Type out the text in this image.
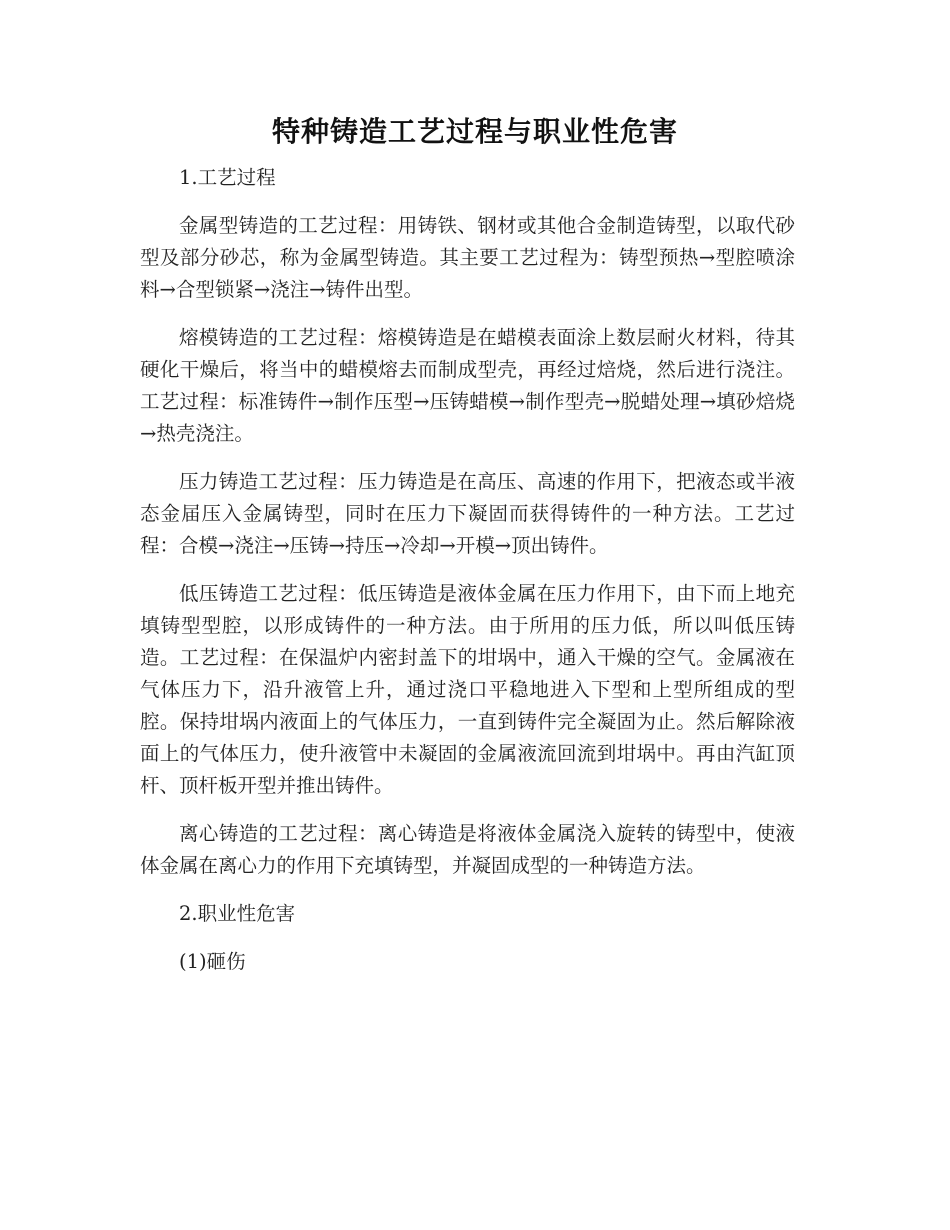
特种铸造工艺过程与职业性危害

1.工艺过程

金属型铸造的工艺过程：用铸铁、钢材或其他合金制造铸型，以取代砂型及部分砂芯，称为金属型铸造。其主要工艺过程为：铸型预热→型腔喷涂料→合型锁紧→浇注→铸件出型。

熔模铸造的工艺过程：熔模铸造是在蜡模表面涂上数层耐火材料，待其硬化干燥后，将当中的蜡模熔去而制成型壳，再经过焙烧，然后进行浇注。工艺过程：标准铸件→制作压型→压铸蜡模→制作型壳→脱蜡处理→填砂焙烧→热壳浇注。

压力铸造工艺过程：压力铸造是在高压、高速的作用下，把液态或半液态金届压入金属铸型，同时在压力下凝固而获得铸件的一种方法。工艺过程：合模→浇注→压铸→持压→冷却→开模→顶出铸件。

低压铸造工艺过程：低压铸造是液体金属在压力作用下，由下而上地充填铸型型腔，以形成铸件的一种方法。由于所用的压力低，所以叫低压铸造。工艺过程：在保温炉内密封盖下的坩埚中，通入干燥的空气。金属液在气体压力下，沿升液管上升，通过浇口平稳地进入下型和上型所组成的型腔。保持坩埚内液面上的气体压力，一直到铸件完全凝固为止。然后解除液面上的气体压力，使升液管中未凝固的金属液流回流到坩埚中。再由汽缸顶杆、顶杆板开型并推出铸件。

离心铸造的工艺过程：离心铸造是将液体金属浇入旋转的铸型中，使液体金属在离心力的作用下充填铸型，并凝固成型的一种铸造方法。

2.职业性危害

(1)砸伤
